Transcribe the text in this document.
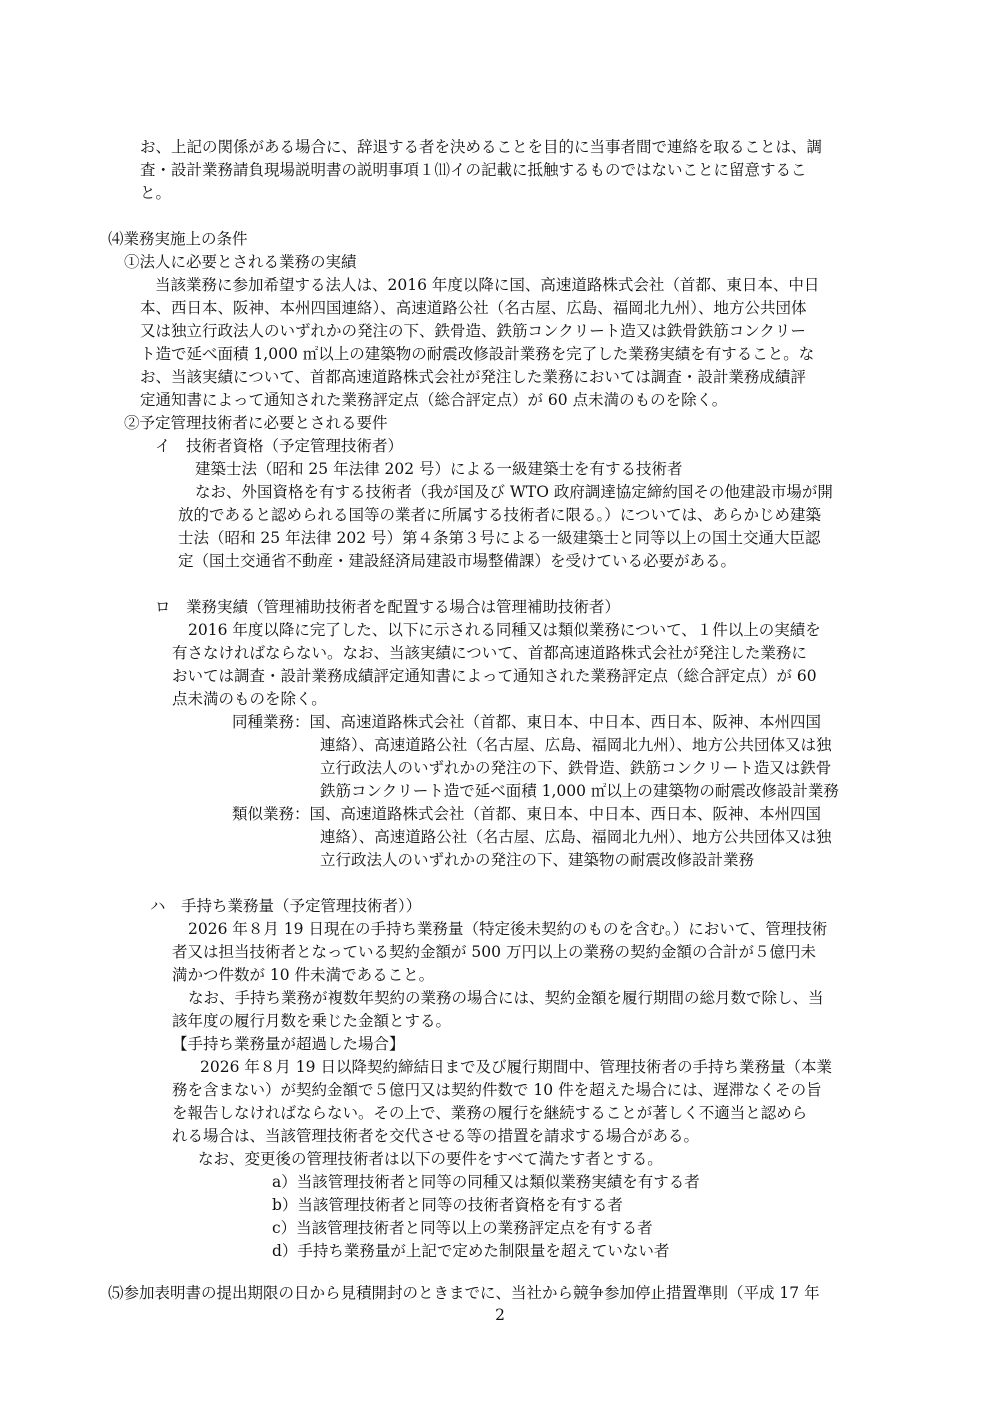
お、上記の関係がある場合に、辞退する者を決めることを目的に当事者間で連絡を取ることは、調
査・設計業務請負現場説明書の説明事項１⑾イの記載に抵触するものではないことに留意するこ
と。
⑷業務実施上の条件
①法人に必要とされる業務の実績
当該業務に参加希望する法人は、2016 年度以降に国、高速道路株式会社（首都、東日本、中日
本、西日本、阪神、本州四国連絡）、高速道路公社（名古屋、広島、福岡北九州）、地方公共団体
又は独立行政法人のいずれかの発注の下、鉄骨造、鉄筋コンクリート造又は鉄骨鉄筋コンクリー
ト造で延べ面積 1,000 ㎡以上の建築物の耐震改修設計業務を完了した業務実績を有すること。な
お、当該実績について、首都高速道路株式会社が発注した業務においては調査・設計業務成績評
定通知書によって通知された業務評定点（総合評定点）が 60 点未満のものを除く。
②予定管理技術者に必要とされる要件
イ　技術者資格（予定管理技術者）
建築士法（昭和 25 年法律 202 号）による一級建築士を有する技術者
なお、外国資格を有する技術者（我が国及び WTO 政府調達協定締約国その他建設市場が開
放的であると認められる国等の業者に所属する技術者に限る。）については、あらかじめ建築
士法（昭和 25 年法律 202 号）第４条第３号による一級建築士と同等以上の国土交通大臣認
定（国土交通省不動産・建設経済局建設市場整備課）を受けている必要がある。
ロ　業務実績（管理補助技術者を配置する場合は管理補助技術者）
2016 年度以降に完了した、以下に示される同種又は類似業務について、１件以上の実績を
有さなければならない。なお、当該実績について、首都高速道路株式会社が発注した業務に
おいては調査・設計業務成績評定通知書によって通知された業務評定点（総合評定点）が 60
点未満のものを除く。
同種業務：国、高速道路株式会社（首都、東日本、中日本、西日本、阪神、本州四国
連絡）、高速道路公社（名古屋、広島、福岡北九州）、地方公共団体又は独
立行政法人のいずれかの発注の下、鉄骨造、鉄筋コンクリート造又は鉄骨
鉄筋コンクリート造で延べ面積 1,000 ㎡以上の建築物の耐震改修設計業務
類似業務：国、高速道路株式会社（首都、東日本、中日本、西日本、阪神、本州四国
連絡）、高速道路公社（名古屋、広島、福岡北九州）、地方公共団体又は独
立行政法人のいずれかの発注の下、建築物の耐震改修設計業務
ハ　手持ち業務量（予定管理技術者））
2026 年８月 19 日現在の手持ち業務量（特定後未契約のものを含む。）において、管理技術
者又は担当技術者となっている契約金額が 500 万円以上の業務の契約金額の合計が５億円未
満かつ件数が 10 件未満であること。
なお、手持ち業務が複数年契約の業務の場合には、契約金額を履行期間の総月数で除し、当
該年度の履行月数を乗じた金額とする。
【手持ち業務量が超過した場合】
2026 年８月 19 日以降契約締結日まで及び履行期間中、管理技術者の手持ち業務量（本業
務を含まない）が契約金額で５億円又は契約件数で 10 件を超えた場合には、遅滞なくその旨
を報告しなければならない。その上で、業務の履行を継続することが著しく不適当と認めら
れる場合は、当該管理技術者を交代させる等の措置を請求する場合がある。
なお、変更後の管理技術者は以下の要件をすべて満たす者とする。
a）当該管理技術者と同等の同種又は類似業務実績を有する者
b）当該管理技術者と同等の技術者資格を有する者
c）当該管理技術者と同等以上の業務評定点を有する者
d）手持ち業務量が上記で定めた制限量を超えていない者
⑸参加表明書の提出期限の日から見積開封のときまでに、当社から競争参加停止措置準則（平成 17 年
2
